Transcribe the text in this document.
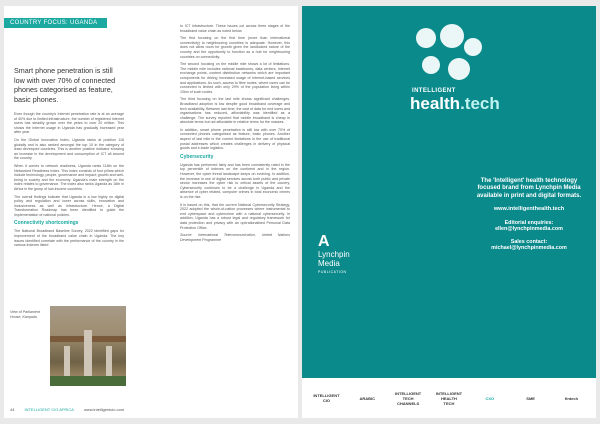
COUNTRY FOCUS: UGANDA
Smart phone penetration is still low with over 70% of connected phones categorised as feature, basic phones.

Even though the country's Internet penetration rate is at an average of 40% due to limited infrastructure, the number of registered Internet users has steadily grown over the years to over 20 million. This shows the Internet usage in Uganda has gradually increased year after year.

On the Global Innovation Index, Uganda ranks at position 116 globally and is also ranked amongst the top 10 in the category of least developed countries. This is another positive indicator showing an increase in the development and consumption of ICT all around the country.

When it comes to network readiness, Uganda ranks 118th on the Networked Readiness Index. This index consists of four pillars which include technology, people, governance and impact; growth and well-being in society and the economy. Uganda's main strength on the index relates to governance. The index also ranks Uganda as 16th in Africa in the group of low-income countries.

The overall findings indicate that Uganda is a low highly on digital policy and regulation and lower across skills, innovation and inclusiveness as well as infrastructure. Hence, a Digital Transformation Roadmap has been identified to guide the implementation of national policies.

Connectivity shortcomings

The National Broadband Baseline Survey, 2022 identified gaps for improvement of the broadband value chain in Uganda. The key issues identified correlate with the performance of the country in the various indexes listed

to ICT infrastructure. These issues cut across three stages of the broadband value chain as noted below.

The first focusing on the first time (more than international connectivity) to neighbouring countries is adequate. However, this does not allow room for growth given the landlocked nature of the country and the opportunity to function as a hub for neighbouring countries on connectivity.

The second focusing on the middle mile shows a lot of limitations. The middle mile includes national backbones, data centers, Internet exchange points, content distribution networks which are important components for driving increased usage of Internet-based services and applications. As such, access to fibre nodes, where users can be connected is limited with only 29% of the population living within 10km of such nodes.

The third focusing on the last mile shows significant challenges. Broadband adoption is low despite good broadband coverage and tech availability. Between last time, the cost of data for end users and organisations has reduced, affordability was identified as a challenge. The survey reported that mobile broadband is cheap in absolute terms but not affordable in relative terms for the masses.

In addition, smart phone penetration is still low with over 70% of connected phones categorised as feature, basic phones. Another aspect of last mile is the current limitations in the use of traditional postal addresses which creates challenges in delivery of physical goods and e-trade logistics.

Cybersecurity

Uganda has performed fairly and has been consistently rated in the top percentile of indexes on the continent and in the region. However, the cyber threat landscape keeps on evolving. In addition, the increase in use of digital services across both public and private sector increases the cyber risk to critical assets of the country. Cybersecurity continues to be a challenge in Uganda and the absence of cyber related, computer crimes in total economic crimes is on the rise.

It is based on this, that the current National Cybersecurity Strategy, 2022 adopted the whole-of-nation processes where instrumental to end cyberspace and cybercrime with a national cybersecurity. In addition, Uganda has a robust legal and regulatory framework for data protection and privacy with an operationalised Personal Data Protection Office.

Source: International Telecommunication, United Nations Development Programme

View of Parliament House, Kampala.
44	INTELLIGENT CIO AFRICA	www.intelligentcio.com
INTELLIGENT
health.tech
A
Lynchpin
Media
PUBLICATION
The 'Intelligent' health technology focused brand from Lynchpin Media available in print and digital formats.
www.intelligenthealth.tech
Editorial enquiries:
ellen@lynchpinmedia.com
Sales contact:
michael@lynchpinmedia.com
INTELLIGENT CIO	ARABIC
INTELLIGENT TECH CHANNELS
INTELLIGENT HEALTH TECH
CXO	SME	fintech
